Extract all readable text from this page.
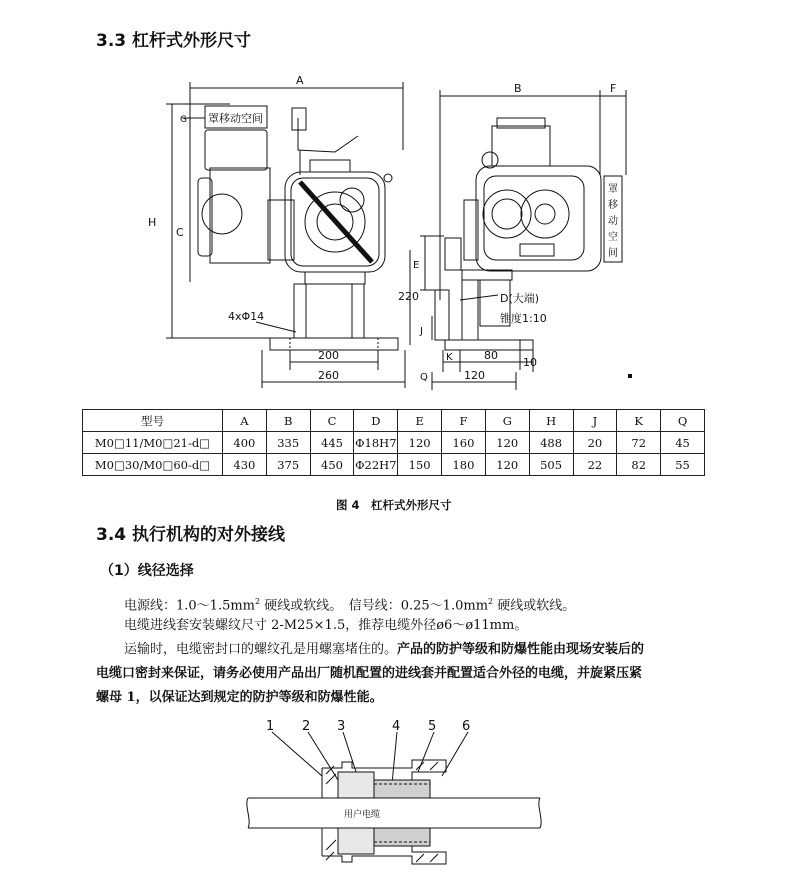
3.3 杠杆式外形尺寸
A
B	F
G
H
C
E
J
K
Q
罩移动空间
罩
移
动
空
间
4xΦ14
200
260
220
80
120
10
D(大端)
锥度1:10
型号	A	B	C	D	E	F	G	H	J	K	Q
M0□11/M0□21-d□	400	335	445	Φ18H7	120	160	120	488	20	72	45
M0□30/M0□60-d□	430	375	450	Φ22H7	150	180	120	505	22	82	55
图 4　杠杆式外形尺寸
3.4 执行机构的对外接线
（1）线径选择
电源线：$1.0\sim 1.5mm^2$ 硬线或软线。　信号线：$0.25\sim 1.0mm^2$ 硬线或软线。
电缆进线套安装螺纹尺寸 2-M25×1.5，推荐电缆外径ø6～ø11mm。
运输时，电缆密封口的螺纹孔是用螺塞堵住的。产品的防护等级和防爆性能由现场安装后的
电缆口密封来保证，请务必使用产品出厂随机配置的进线套并配置适合外径的电缆，并旋紧压紧
螺母 1，以保证达到规定的防护等级和防爆性能。
1 2 3	4 5 6
用户电缆
